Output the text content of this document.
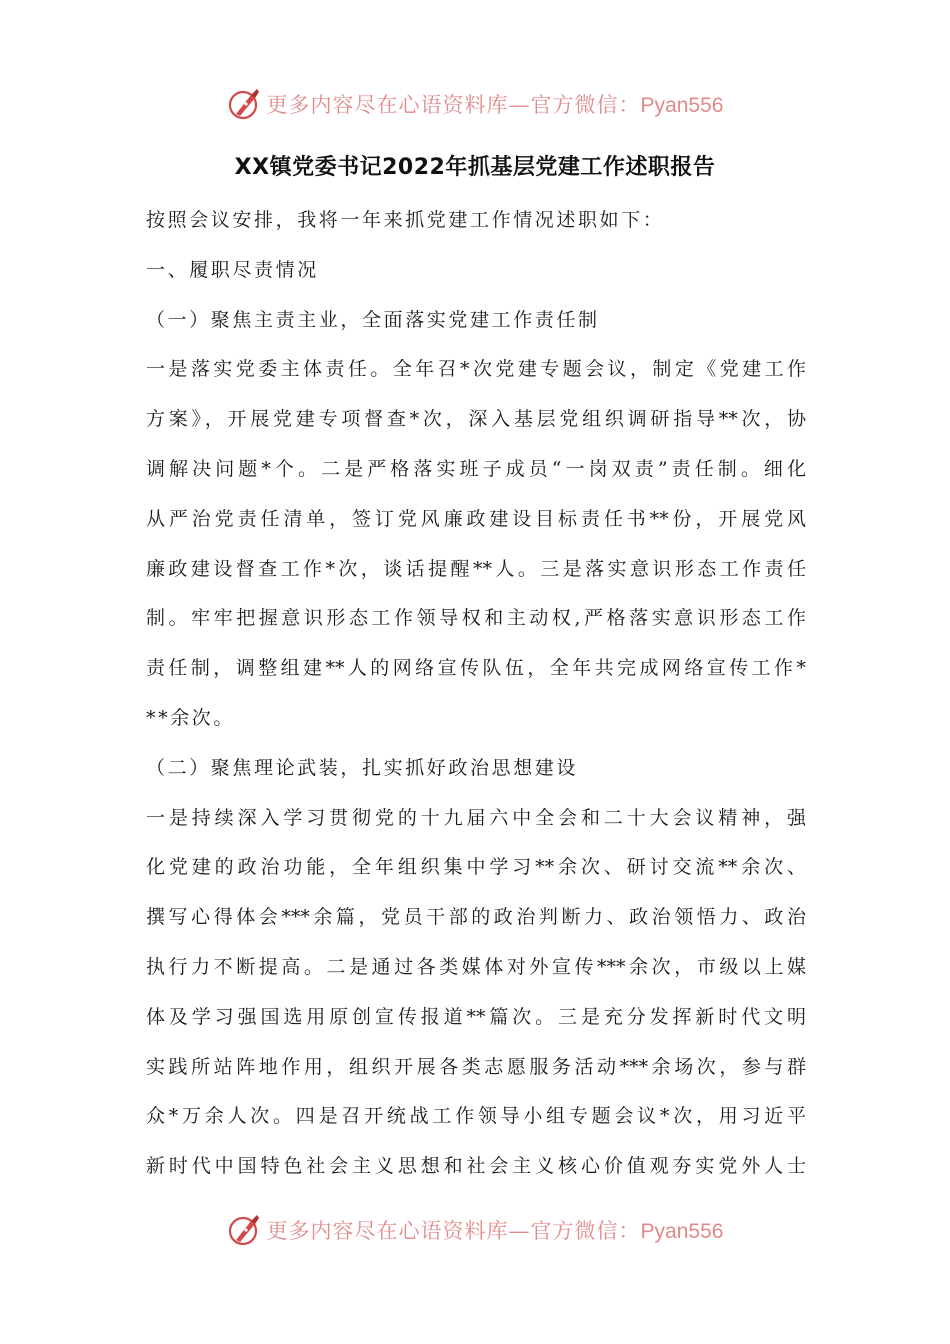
更多内容尽在心语资料库—官方微信：Pyan556
XX镇党委书记2022年抓基层党建工作述职报告
按照会议安排，我将一年来抓党建工作情况述职如下：
一、履职尽责情况
（一）聚焦主责主业，全面落实党建工作责任制
一是落实党委主体责任。全年召*次党建专题会议，制定《党建工作
方案》，开展党建专项督查*次，深入基层党组织调研指导**次，协
调解决问题*个。二是严格落实班子成员“一岗双责”责任制。细化
从严治党责任清单，签订党风廉政建设目标责任书**份，开展党风
廉政建设督查工作*次，谈话提醒**人。三是落实意识形态工作责任
制。牢牢把握意识形态工作领导权和主动权,严格落实意识形态工作
责任制，调整组建**人的网络宣传队伍，全年共完成网络宣传工作*
**余次。
（二）聚焦理论武装，扎实抓好政治思想建设
一是持续深入学习贯彻党的十九届六中全会和二十大会议精神，强
化党建的政治功能，全年组织集中学习**余次、研讨交流**余次、
撰写心得体会***余篇，党员干部的政治判断力、政治领悟力、政治
执行力不断提高。二是通过各类媒体对外宣传***余次，市级以上媒
体及学习强国选用原创宣传报道**篇次。三是充分发挥新时代文明
实践所站阵地作用，组织开展各类志愿服务活动***余场次，参与群
众*万余人次。四是召开统战工作领导小组专题会议*次，用习近平
新时代中国特色社会主义思想和社会主义核心价值观夯实党外人士
更多内容尽在心语资料库—官方微信：Pyan556
